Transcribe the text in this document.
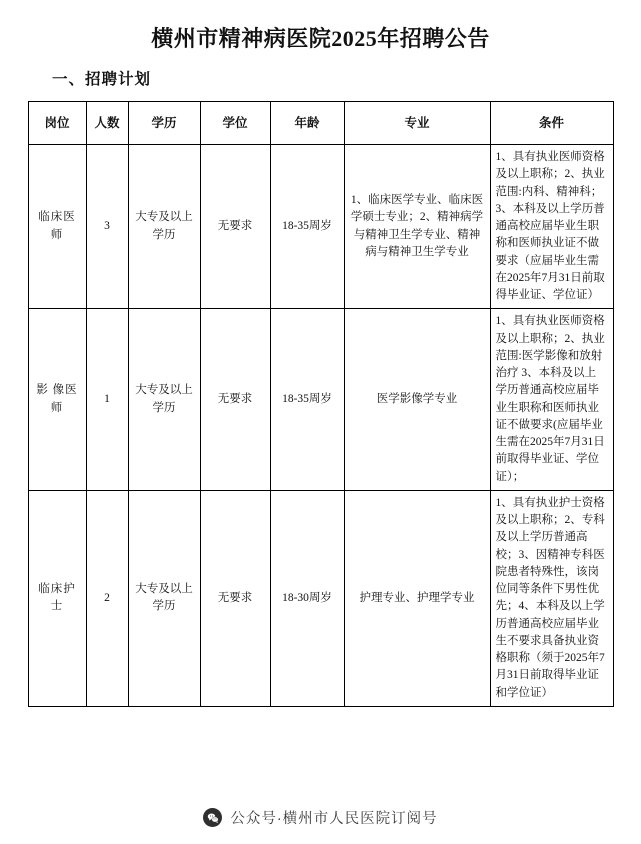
横州市精神病医院2025年招聘公告
一、招聘计划
岗位	人数	学历	学位	年龄	专业	条件
临床医师	3	大专及以上学历	无要求	18-35周岁	1、临床医学专业、临床医学硕士专业；2、精神病学与精神卫生学专业、精神病与精神卫生学专业	1、具有执业医师资格及以上职称；2、执业范围:内科、精神科；3、本科及以上学历普通高校应届毕业生职称和医师执业证不做要求（应届毕业生需在2025年7月31日前取得毕业证、学位证）
影 像医师	1	大专及以上学历	无要求	18-35周岁	医学影像学专业	1、具有执业医师资格及以上职称；2、执业范围:医学影像和放射治疗 3、本科及以上学历普通高校应届毕业生职称和医师执业证不做要求(应届毕业生需在2025年7月31日前取得毕业证、学位证）；
临床护士	2	大专及以上学历	无要求	18-30周岁	护理专业、护理学专业	1、具有执业护士资格及以上职称；2、专科及以上学历普通高校；3、因精神专科医院患者特殊性，该岗位同等条件下男性优先；4、本科及以上学历普通高校应届毕业生不要求具备执业资格职称（须于2025年7月31日前取得毕业证和学位证）
公众号·横州市人民医院订阅号
